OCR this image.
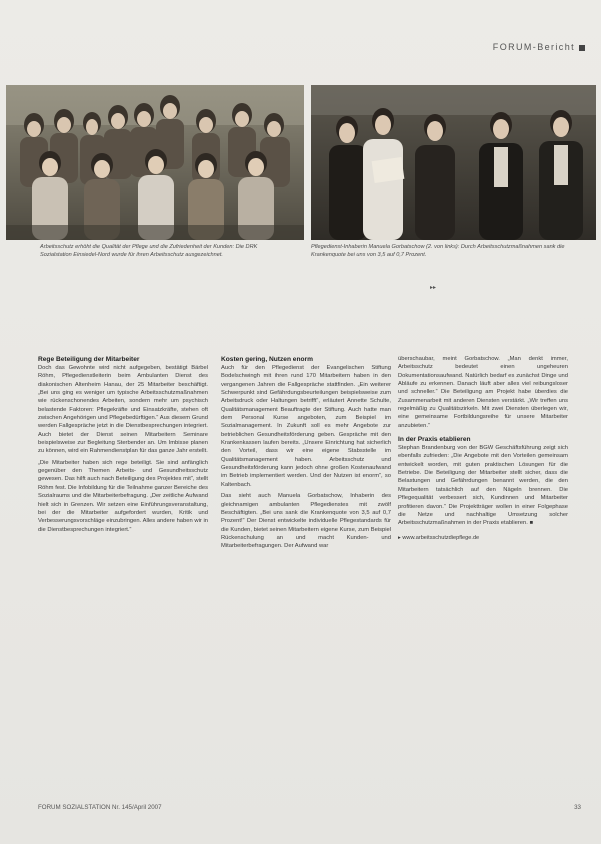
FORUM-Bericht
Arbeitsschutz erhöht die Qualität der Pflege und die Zufriedenheit der Kunden: Die DRK Sozialstation Einsiedel-Nord wurde für ihren Arbeitsschutz ausgezeichnet.
Pflegedienst-Inhaberin Manuela Gorbatschow (2. von links): Durch Arbeitsschutzmaßnahmen sank die Krankenquote bei uns von 3,5 auf 0,7 Prozent.
▸▸
Rege Beteiligung der Mitarbeiter

Doch das Gewohnte wird nicht aufgegeben, bestätigt Bärbel Röhm, Pflegedienstleiterin beim Ambulanten Dienst des diakonischen Altenheim Hanau, der 25 Mitarbeiter beschäftigt. „Bei uns ging es weniger um typische Arbeitsschutzmaßnahmen wie rückenschonendes Arbeiten, sondern mehr um psychisch belastende Faktoren: Pflegekräfte und Einsatzkräfte, stehen oft zwischen Angehörigen und Pflegebedürftigen.“ Aus diesem Grund werden Fallgespräche jetzt in die Dienstbesprechungen integriert. Auch bietet der Dienst seinen Mitarbeitern Seminare beispielsweise zur Begleitung Sterbender an. Um Imbisse planen zu können, wird ein Rahmendienstplan für das ganze Jahr erstellt.

„Die Mitarbeiter haben sich rege beteiligt. Sie sind anfänglich gegenüber den Themen Arbeits- und Gesundheitsschutz gewesen. Das hilft auch nach Beteiligung des Projektes mit“, stellt Röhm fest. Die Infobildung für die Teilnahme ganzer Bereiche des Sozialraums und die Mitarbeiterbefragung. „Der zeitliche Aufwand hielt sich in Grenzen. Wir setzen eine Einführungsveranstaltung, bei der die Mitarbeiter aufgefordert wurden, Kritik und Verbesserungsvorschläge einzubringen. Alles andere haben wir in die Dienstbesprechungen integriert.“

Kosten gering, Nutzen enorm

Auch für den Pflegedienst der Evangelischen Stiftung Bodelschwingh mit ihren rund 170 Mitarbeitern haben in den vergangenen Jahren die Fallgespräche stattfinden. „Ein weiterer Schwerpunkt sind Gefährdungsbeurteilungen beispielsweise zum Arbeitsdruck oder Haltungen betrifft“, erläutert Annette Schulte, Qualitätsmanagement Beauftragte der Stiftung. Auch hatte man dem Personal Kurse angeboten, zum Beispiel im Sozialmanagement. In Zukunft soll es mehr Angebote zur betrieblichen Gesundheitsförderung geben. Gespräche mit den Krankenkassen laufen bereits. „Unsere Einrichtung hat sicherlich den Vorteil, dass wir eine eigene Stabsstelle im Qualitätsmanagement haben. Arbeitsschutz und Gesundheitsförderung kann jedoch ohne großen Kostenaufwand im Betrieb implementiert werden. Und der Nutzen ist enorm“, so Kaltenbach.

Das sieht auch Manuela Gorbatschow, Inhaberin des gleichnamigen ambulanten Pflegedienstes mit zwölf Beschäftigten. „Bei uns sank die Krankenquote von 3,5 auf 0,7 Prozent!“ Der Dienst entwickelte individuelle Pflegestandards für die Kunden, bietet seinen Mitarbeitern eigene Kurse, zum Beispiel Rückenschulung an und macht Kunden- und Mitarbeiterbefragungen. Der Aufwand war

überschaubar, meint Gorbatschow. „Man denkt immer, Arbeitsschutz bedeutet einen ungeheuren Dokumentationsaufwand. Natürlich bedarf es zunächst Dinge und Abläufe zu erkennen. Danach läuft aber alles viel reibungsloser und schneller.“ Die Beteiligung am Projekt habe überdies die Zusammenarbeit mit anderen Diensten verstärkt. „Wir treffen uns regelmäßig zu Qualitätszirkeln. Mit zwei Diensten überlegen wir, eine gemeinsame Fortbildungsreihe für unsere Mitarbeiter anzubieten.“

In der Praxis etablieren

Stephan Brandenburg von der BGW Geschäftsführung zeigt sich ebenfalls zufrieden: „Die Angebote mit den Vorteilen gemeinsam entwickelt worden, mit guten praktischen Lösungen für die Betriebe. Die Beteiligung der Mitarbeiter stellt sicher, dass die Belastungen und Gefährdungen benannt werden, die den Mitarbeitern tatsächlich auf den Nägeln brennen. Die Pflegequalität verbessert sich, Kundinnen und Mitarbeiter profitieren davon.“ Die Projektträger wollen in einer Folgephase die Netze und nachhaltige Umsetzung solcher Arbeitsschutzmaßnahmen in der Praxis etablieren. ■

▸ www.arbeitsschutzdiepflege.de

FORUM SOZIALSTATION Nr. 145/April 2007	33
